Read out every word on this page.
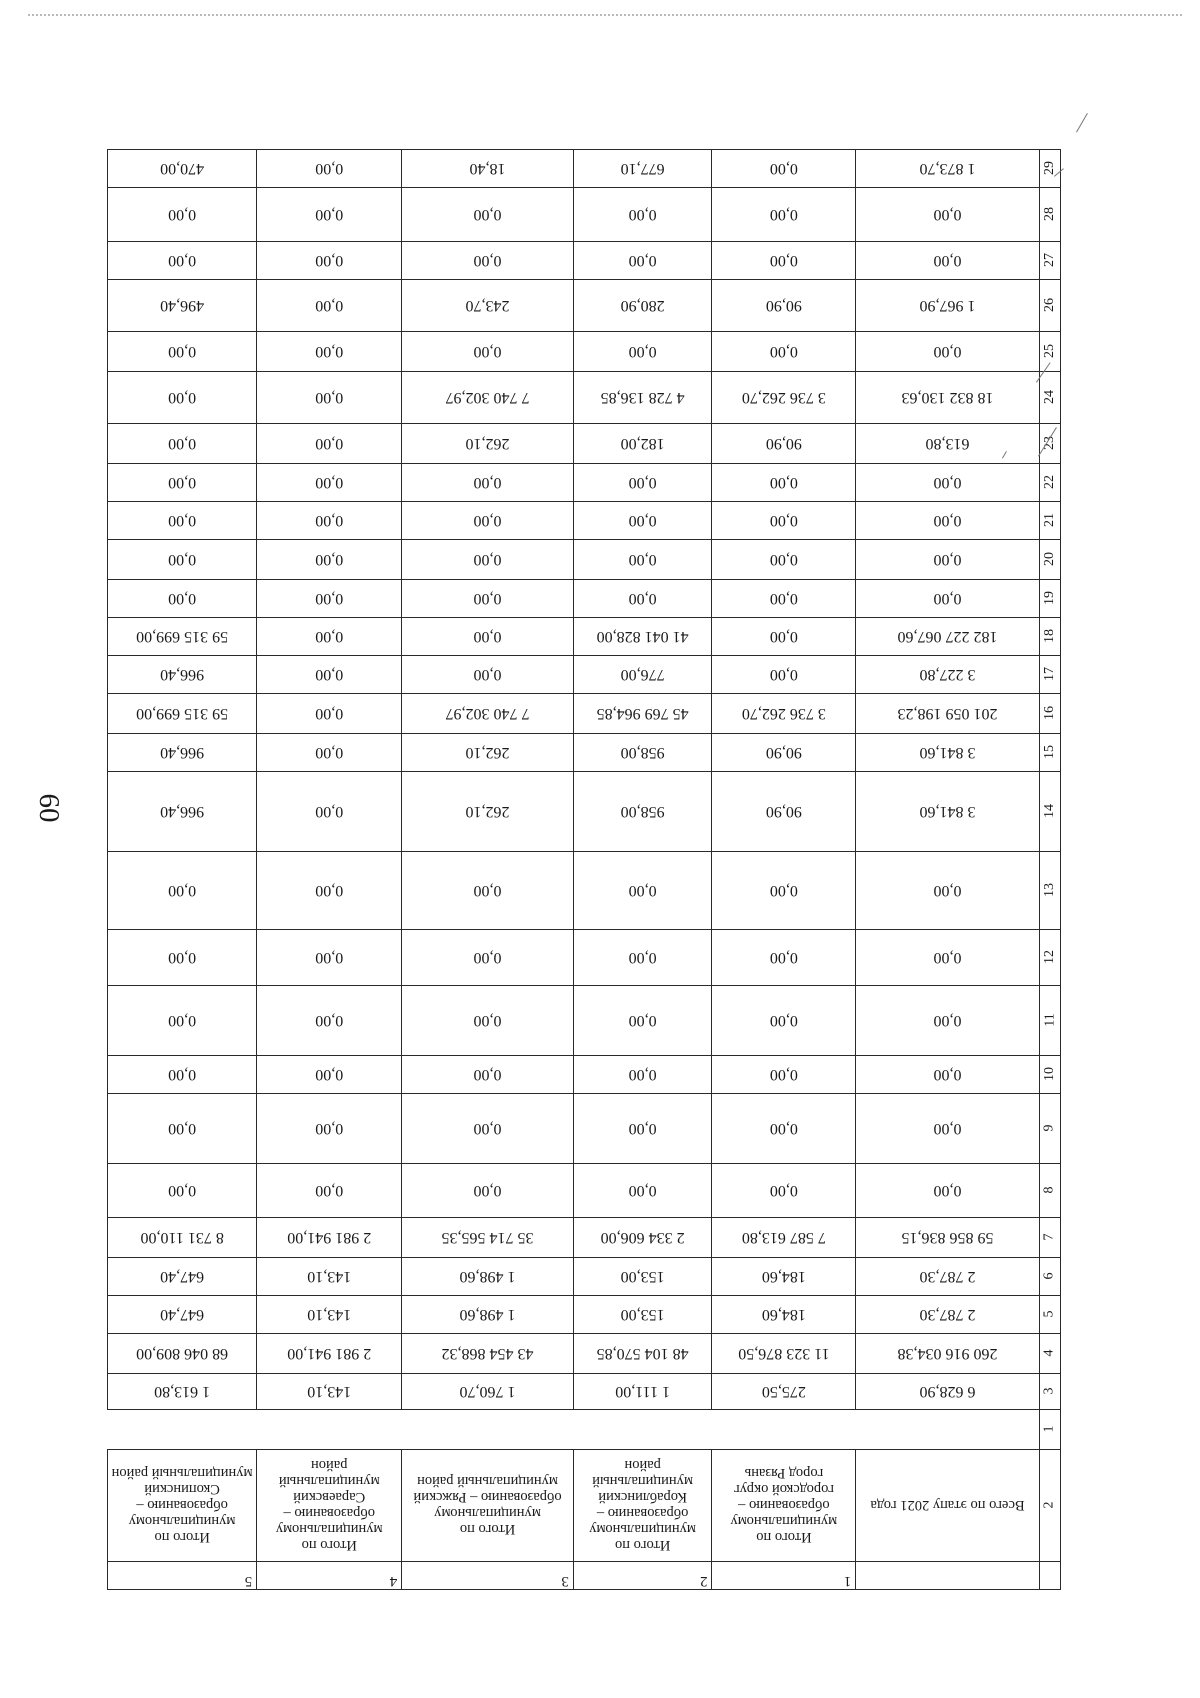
60
		1	2	3	4	5
2	Всего по этапу 2021 года	Итого по муниципальному образованию – городской округ город Рязань	Итого по муниципальному образованию – Кораблинский муниципальный район	Итого по муниципальному образованию – Ряжский муниципальный район	Итого по муниципальному образованию – Сараевский муниципальный район	Итого по муниципальному образованию – Скопинский муниципальный район
1						
3	6 628,90	275,50	1 111,00	1 760,70	143,10	1 613,80
4	260 916 034,38	11 323 876,50	48 104 570,85	43 454 868,32	2 981 941,00	68 046 809,00
5	2 787,30	184,60	153,00	1 498,60	143,10	647,40
6	2 787,30	184,60	153,00	1 498,60	143,10	647,40
7	59 856 836,15	7 587 613,80	2 334 606,00	35 714 565,35	2 981 941,00	8 731 110,00
8	0,00	0,00	0,00	0,00	0,00	0,00
9	0,00	0,00	0,00	0,00	0,00	0,00
10	0,00	0,00	0,00	0,00	0,00	0,00
11	0,00	0,00	0,00	0,00	0,00	0,00
12	0,00	0,00	0,00	0,00	0,00	0,00
13	0,00	0,00	0,00	0,00	0,00	0,00
14	3 841,60	90,90	958,00	262,10	0,00	966,40
15	3 841,60	90,90	958,00	262,10	0,00	966,40
16	201 059 198,23	3 736 262,70	45 769 964,85	7 740 302,97	0,00	59 315 699,00
17	3 227,80	0,00	776,00	0,00	0,00	966,40
18	182 227 067,60	0,00	41 041 828,00	0,00	0,00	59 315 699,00
19	0,00	0,00	0,00	0,00	0,00	0,00
20	0,00	0,00	0,00	0,00	0,00	0,00
21	0,00	0,00	0,00	0,00	0,00	0,00
22	0,00	0,00	0,00	0,00	0,00	0,00
23	613,80	90,90	182,00	262,10	0,00	0,00
24	18 832 130,63	3 736 262,70	4 728 136,85	7 740 302,97	0,00	0,00
25	0,00	0,00	0,00	0,00	0,00	0,00
26	1 967,90	90,90	280,90	243,70	0,00	496,40
27	0,00	0,00	0,00	0,00	0,00	0,00
28	0,00	0,00	0,00	0,00	0,00	0,00
29	1 873,70	0,00	677,10	18,40	0,00	470,00
